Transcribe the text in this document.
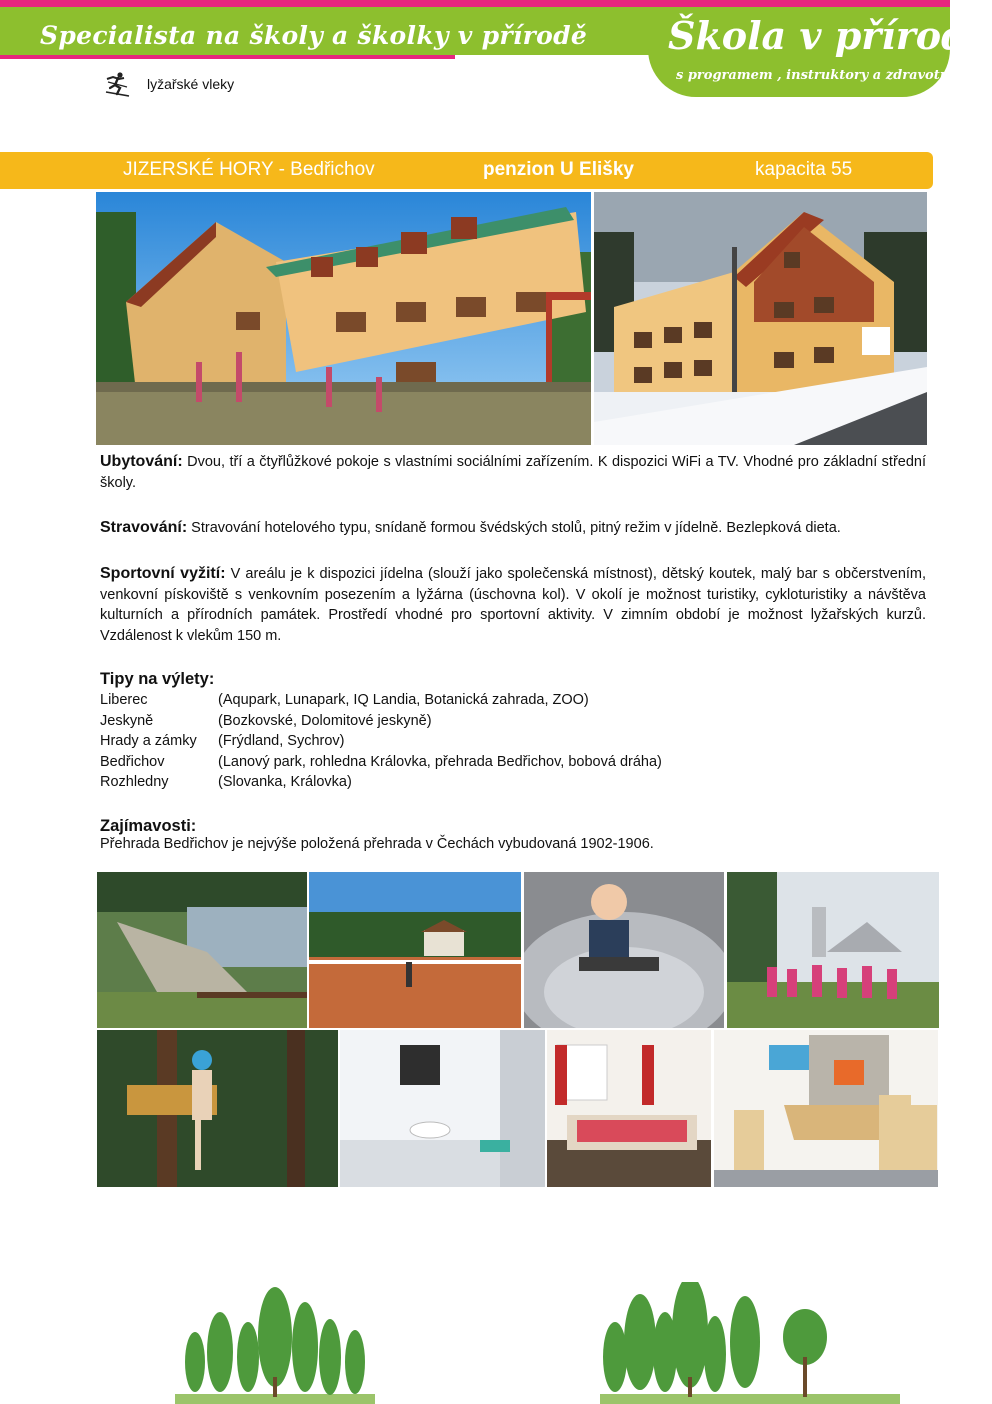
Specialista na školy a školky v přírodě Škola v přírodě
s programem , instruktory a zdravotníkem
lyžařské vleky
JIZERSKÉ HORY - Bedřichov	penzion U Elišky	kapacita 55
Ubytování: Dvou, tří a čtyřlůžkové pokoje s vlastními sociálními zařízením. K dispozici WiFi a TV. Vhodné pro základní střední školy.
Stravování: Stravování hotelového typu, snídaně formou švédských stolů, pitný režim v jídelně. Bezlepková dieta.
Sportovní vyžití: V areálu je k dispozici jídelna (slouží jako společenská místnost), dětský koutek, malý bar s občerstvením, venkovní pískoviště s venkovním posezením a lyžárna (úschovna kol). V okolí je možnost turistiky, cykloturistiky a návštěva kulturních a přírodních památek. Prostředí vhodné pro sportovní aktivity. V zimním období je možnost lyžařských kurzů. Vzdálenost k vlekům 150 m.
Tipy na výlety:
Liberec	(Aqupark, Lunapark, IQ Landia, Botanická zahrada, ZOO)
Jeskyně	(Bozkovské, Dolomitové jeskyně)
Hrady a zámky	(Frýdland, Sychrov)
Bedřichov	(Lanový park, rohledna Královka, přehrada Bedřichov, bobová dráha)
Rozhledny	(Slovanka, Královka)
Zajímavosti:
Přehrada Bedřichov je nejvýše položená přehrada v Čechách vybudovaná 1902-1906.
